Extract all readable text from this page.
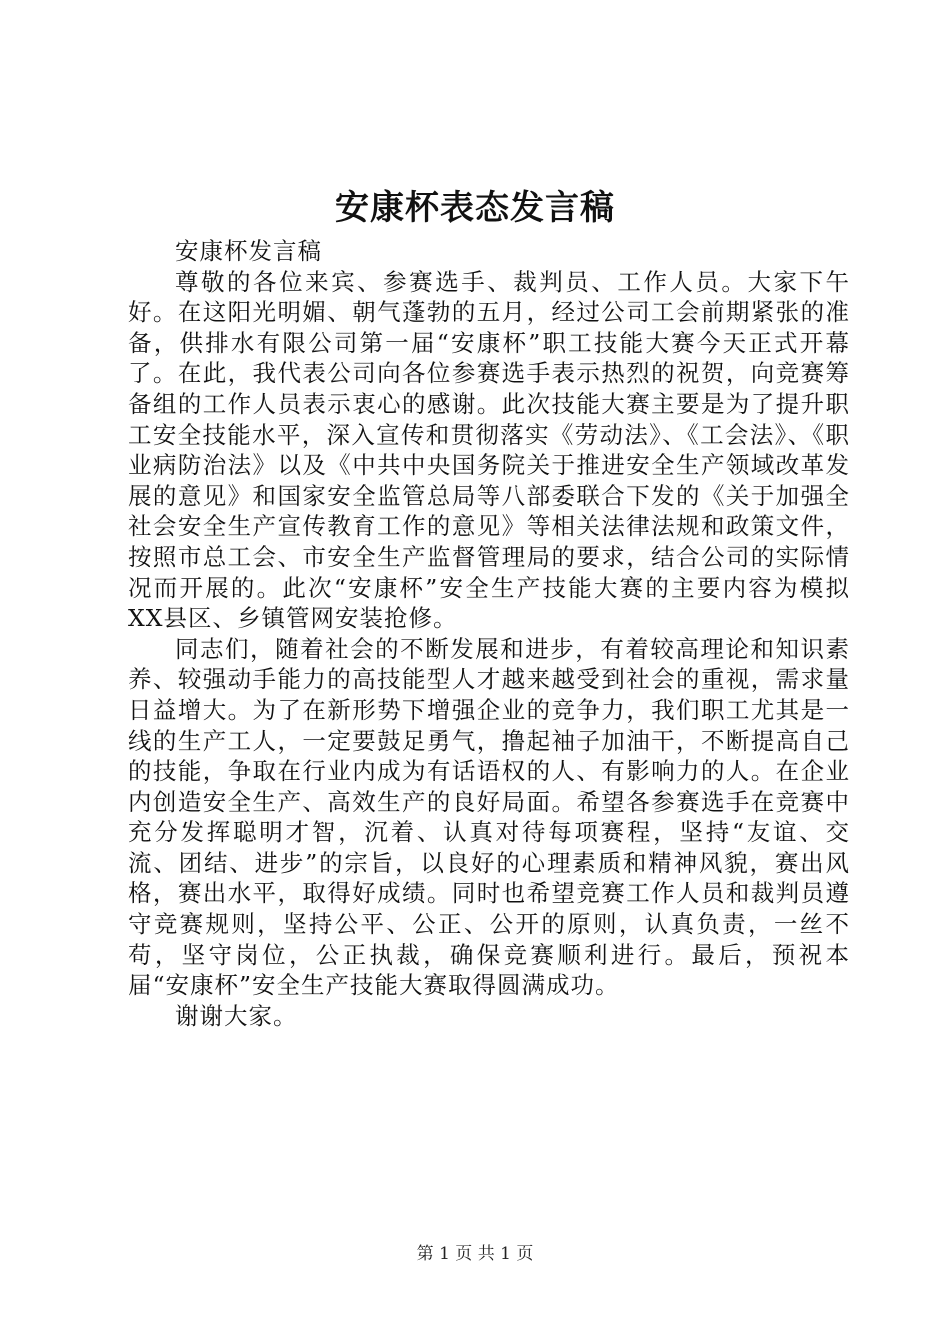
安康杯表态发言稿

安康杯发言稿

尊敬的各位来宾、参赛选手、裁判员、工作人员。大家下午好。在这阳光明媚、朝气蓬勃的五月，经过公司工会前期紧张的准备，供排水有限公司第一届“安康杯”职工技能大赛今天正式开幕了。在此，我代表公司向各位参赛选手表示热烈的祝贺，向竞赛筹备组的工作人员表示衷心的感谢。此次技能大赛主要是为了提升职工安全技能水平，深入宣传和贯彻落实《劳动法》、《工会法》、《职业病防治法》以及《中共中央国务院关于推进安全生产领域改革发展的意见》和国家安全监管总局等八部委联合下发的《关于加强全社会安全生产宣传教育工作的意见》等相关法律法规和政策文件，按照市总工会、市安全生产监督管理局的要求，结合公司的实际情况而开展的。此次“安康杯”安全生产技能大赛的主要内容为模拟XX县区、乡镇管网安装抢修。

同志们，随着社会的不断发展和进步，有着较高理论和知识素养、较强动手能力的高技能型人才越来越受到社会的重视，需求量日益增大。为了在新形势下增强企业的竞争力，我们职工尤其是一线的生产工人，一定要鼓足勇气，撸起袖子加油干，不断提高自己的技能，争取在行业内成为有话语权的人、有影响力的人。在企业内创造安全生产、高效生产的良好局面。希望各参赛选手在竞赛中充分发挥聪明才智，沉着、认真对待每项赛程，坚持“友谊、交流、团结、进步”的宗旨，以良好的心理素质和精神风貌，赛出风格，赛出水平，取得好成绩。同时也希望竞赛工作人员和裁判员遵守竞赛规则，坚持公平、公正、公开的原则，认真负责，一丝不苟，坚守岗位，公正执裁，确保竞赛顺利进行。最后，预祝本届“安康杯”安全生产技能大赛取得圆满成功。

谢谢大家。

第 1 页 共 1 页
